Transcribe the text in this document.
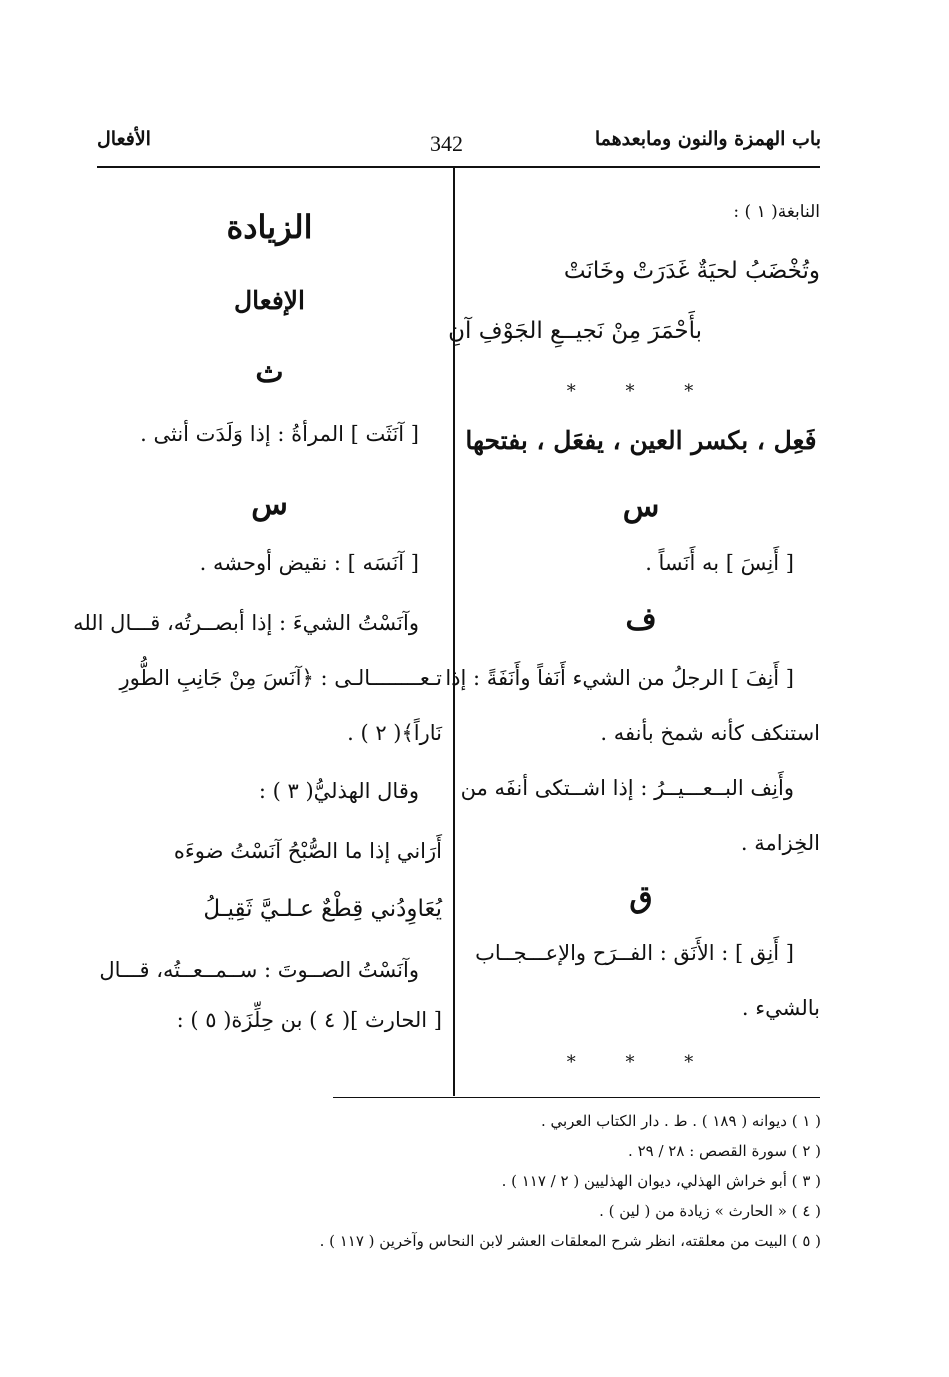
باب الهمزة والنون ومابعدهما
342
الأفعال
النابغة( ١ ) :
وتُخْضَبُ لحيَةٌ غَدَرَتْ وخَانَتْ
بأَحْمَرَ مِنْ نَجيــعِ الجَوْفِ آنِ
* * *
فَعِل ، بكسر العين ، يفعَل ، بفتحها
س
[ أَنِسَ ] به أَنَساً .
ف
[ أَنِفَ ] الرجلُ من الشيء أَنَفاً وأَنَفَةً : إذا
استنكف كأنه شمخ بأنفه .
وأَنِف البــعـــيــرُ : إذا اشــتكى أنفَه من
الخِزامة .
ق
[ أَنِق ] : الأَنَق : الفــرَح والإعـــجــاب
بالشيء .
* * *
الزيادة
الإفعال
ث
[ آنَثَت ] المرأةُ : إذا وَلَدَت أنثى .
س
[ آنَسَه ] : نقيض أوحشه .
وآنَسْتُ الشيءَ : إذا أبصــرتُه، قـــال الله
تـعــــــــالـى : ﴿آنَسَ مِنْ جَانِبِ الطُّورِ
نَاراً﴾( ٢ ) .
وقال الهذليُّ( ٣ ) :
أَرَاني إذا ما الصُّبْحُ آنَسْتُ ضوءَه
يُعَاوِدُني قِطْعٌ عـلـيَّ ثَقِيـلُ
وآنَسْتُ الصــوتَ : ســمــعــتُه، قـــال
[ الحارث ]( ٤ ) بن حِلِّزَة( ٥ ) :
( ١ ) ديوانه ( ١٨٩ ) . ط . دار الكتاب العربي .
( ٢ ) سورة القصص : ٢٨ / ٢٩ .
( ٣ ) أبو خراش الهذلي، ديوان الهذليين ( ٢ / ١١٧ ) .
( ٤ ) « الحارث » زيادة من ( لين ) .
( ٥ ) البيت من معلقته، انظر شرح المعلقات العشر لابن النحاس وآخرين ( ١١٧ ) .
